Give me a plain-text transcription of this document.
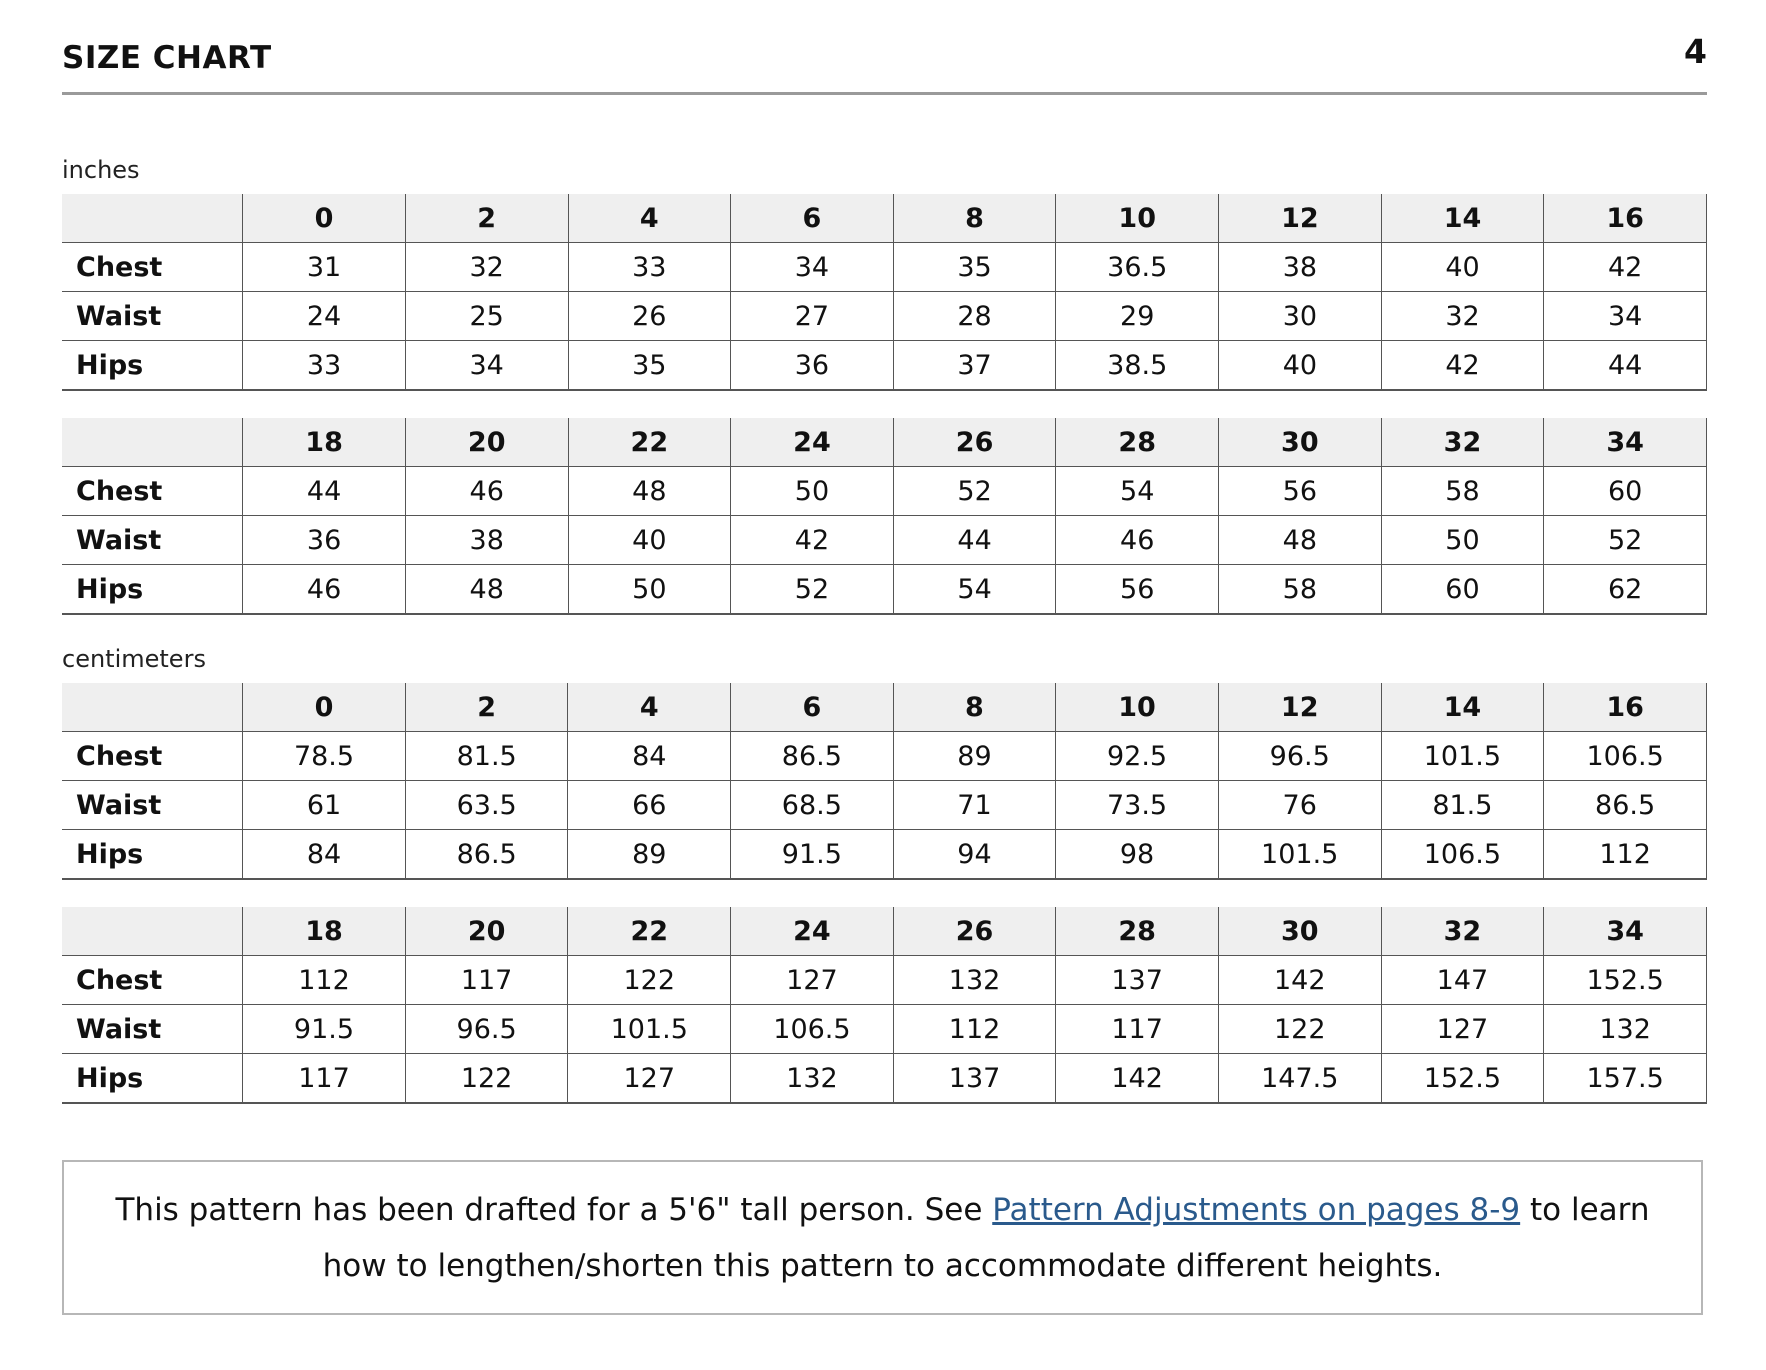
SIZE CHART	4
inches
	0	2	4	6	8	10	12	14	16
Chest	31	32	33	34	35	36.5	38	40	42
Waist	24	25	26	27	28	29	30	32	34
Hips	33	34	35	36	37	38.5	40	42	44
	18	20	22	24	26	28	30	32	34
Chest	44	46	48	50	52	54	56	58	60
Waist	36	38	40	42	44	46	48	50	52
Hips	46	48	50	52	54	56	58	60	62
centimeters
	0	2	4	6	8	10	12	14	16
Chest	78.5	81.5	84	86.5	89	92.5	96.5	101.5	106.5
Waist	61	63.5	66	68.5	71	73.5	76	81.5	86.5
Hips	84	86.5	89	91.5	94	98	101.5	106.5	112
	18	20	22	24	26	28	30	32	34
Chest	112	117	122	127	132	137	142	147	152.5
Waist	91.5	96.5	101.5	106.5	112	117	122	127	132
Hips	117	122	127	132	137	142	147.5	152.5	157.5
This pattern has been drafted for a 5'6" tall person. See Pattern Adjustments on pages 8-9 to learn how to lengthen/shorten this pattern to accommodate different heights.
